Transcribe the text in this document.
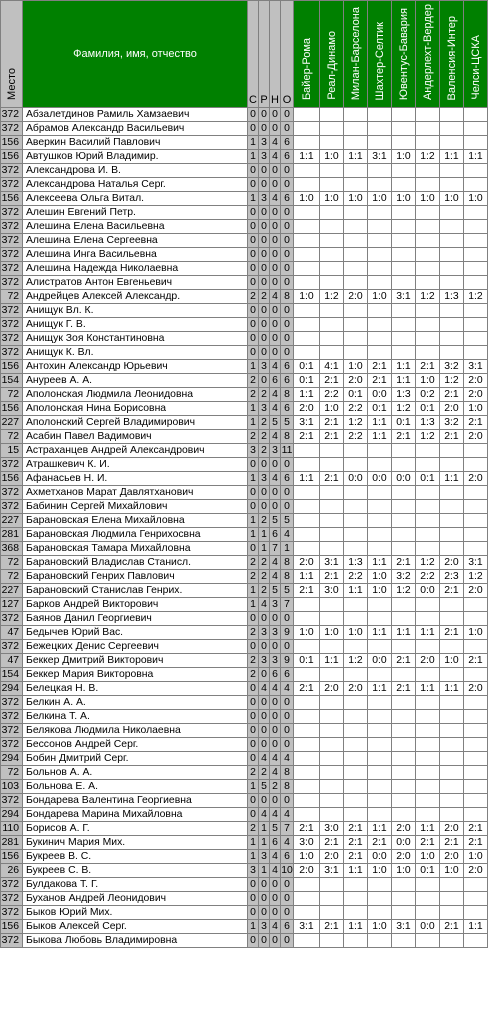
Место	Фамилия, имя, отчество	С	Р	Н	О	Байер-Рома	Реал-Динамо	Милан-Барселона	Шахтер-Селтик	Ювентус-Бавария	Андерлехт-Вердер	Валенсия-Интер	Челси-ЦСКА
372	Абзалетдинов Рамиль Хамзаевич	0	0	0	0								
372	Абрамов Александр Васильевич	0	0	0	0								
156	Аверкин Василий Павлович	1	3	4	6								
156	Автушков Юрий Владимир.	1	3	4	6	1:1	1:0	1:1	3:1	1:0	1:2	1:1	1:1
372	Александрова И. В.	0	0	0	0								
372	Александрова Наталья Серг.	0	0	0	0								
156	Алексеева Ольга Витал.	1	3	4	6	1:0	1:0	1:0	1:0	1:0	1:0	1:0	1:0
372	Алешин Евгений Петр.	0	0	0	0								
372	Алешина Елена Васильевна	0	0	0	0								
372	Алешина Елена Сергеевна	0	0	0	0								
372	Алешина Инга Васильевна	0	0	0	0								
372	Алешина Надежда Николаевна	0	0	0	0								
372	Алистратов Антон Евгеньевич	0	0	0	0								
72	Андрейцев Алексей Александр.	2	2	4	8	1:0	1:2	2:0	1:0	3:1	1:2	1:3	1:2
372	Анищук Вл. К.	0	0	0	0								
372	Анищук Г. В.	0	0	0	0								
372	Анищук Зоя Константиновна	0	0	0	0								
372	Анищук К. Вл.	0	0	0	0								
156	Антохин Александр Юрьевич	1	3	4	6	0:1	4:1	1:0	2:1	1:1	2:1	3:2	3:1
154	Ануреев А. А.	2	0	6	6	0:1	2:1	2:0	2:1	1:1	1:0	1:2	2:0
72	Аполонская Людмила Леонидовна	2	2	4	8	1:1	2:2	0:1	0:0	1:3	0:2	2:1	2:0
156	Аполонская Нина Борисовна	1	3	4	6	2:0	1:0	2:2	0:1	1:2	0:1	2:0	1:0
227	Аполонский Сергей Владимирович	1	2	5	5	3:1	2:1	1:2	1:1	0:1	1:3	3:2	2:1
72	Асабин Павел Вадимович	2	2	4	8	2:1	2:1	2:2	1:1	2:1	1:2	2:1	2:0
15	Астраханцев Андрей Александрович	3	2	3	11								
372	Атрашкевич К. И.	0	0	0	0								
156	Афанасьев Н. И.	1	3	4	6	1:1	2:1	0:0	0:0	0:0	0:1	1:1	2:0
372	Ахметханов Марат Давлятханович	0	0	0	0								
372	Бабинин Сергей Михайлович	0	0	0	0								
227	Барановская Елена Михайловна	1	2	5	5								
281	Барановская Людмила Генрихосвна	1	1	6	4								
368	Барановская Тамара Михайловна	0	1	7	1								
72	Барановский Владислав Станисл.	2	2	4	8	2:0	3:1	1:3	1:1	2:1	1:2	2:0	3:1
72	Барановский Генрих Павлович	2	2	4	8	1:1	2:1	2:2	1:0	3:2	2:2	2:3	1:2
227	Барановский Станислав Генрих.	1	2	5	5	2:1	3:0	1:1	1:0	1:2	0:0	2:1	2:0
127	Барков Андрей Викторович	1	4	3	7								
372	Баянов Данил Георгиевич	0	0	0	0								
47	Бедычев Юрий Вас.	2	3	3	9	1:0	1:0	1:0	1:1	1:1	1:1	2:1	1:0
372	Бежецких Денис Сергеевич	0	0	0	0								
47	Беккер Дмитрий Викторович	2	3	3	9	0:1	1:1	1:2	0:0	2:1	2:0	1:0	2:1
154	Беккер Мария Викторовна	2	0	6	6								
294	Белецкая Н. В.	0	4	4	4	2:1	2:0	2:0	1:1	2:1	1:1	1:1	2:0
372	Белкин А. А.	0	0	0	0								
372	Белкина Т. А.	0	0	0	0								
372	Белякова Людмила Николаевна	0	0	0	0								
372	Бессонов Андрей Серг.	0	0	0	0								
294	Бобин Дмитрий Серг.	0	4	4	4								
72	Больнов А. А.	2	2	4	8								
103	Больнова Е. А.	1	5	2	8								
372	Бондарева Валентина Георгиевна	0	0	0	0								
294	Бондарева Марина Михайловна	0	4	4	4								
110	Борисов А. Г.	2	1	5	7	2:1	3:0	2:1	1:1	2:0	1:1	2:0	2:1
281	Букинич Мария Мих.	1	1	6	4	3:0	2:1	2:1	2:1	0:0	2:1	2:1	2:1
156	Букреев В. С.	1	3	4	6	1:0	2:0	2:1	0:0	2:0	1:0	2:0	1:0
26	Букреев С. В.	3	1	4	10	2:0	3:1	1:1	1:0	1:0	0:1	1:0	2:0
372	Булдакова Т. Г.	0	0	0	0								
372	Буханов Андрей Леонидович	0	0	0	0								
372	Быков Юрий Мих.	0	0	0	0								
156	Быков Алексей Серг.	1	3	4	6	3:1	2:1	1:1	1:0	3:1	0:0	2:1	1:1
372	Быкова Любовь Владимировна	0	0	0	0								
